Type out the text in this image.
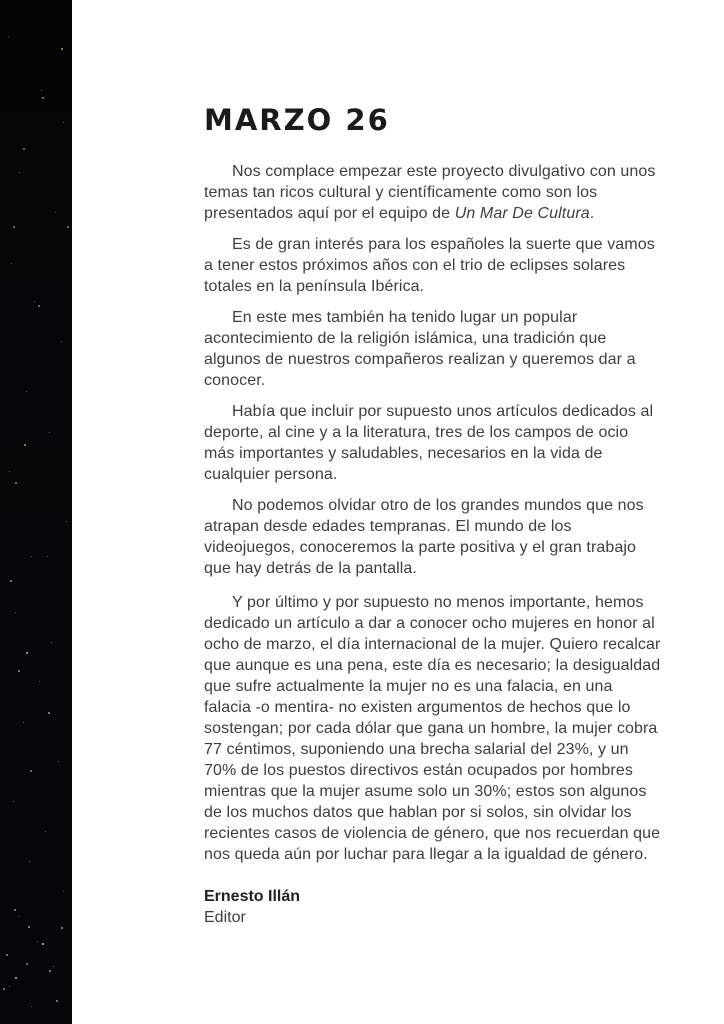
MARZO 26

Nos complace empezar este proyecto divulgativo con unos temas tan ricos cultural y científicamente como son los presentados aquí por el equipo de Un Mar De Cultura.

Es de gran interés para los españoles la suerte que vamos a tener estos próximos años con el trio de eclipses solares totales en la península Ibérica.

En este mes también ha tenido lugar un popular acontecimiento de la religión islámica, una tradición que algunos de nuestros compañeros realizan y queremos dar a conocer.

Había que incluir por supuesto unos artículos dedicados al deporte, al cine y a la literatura, tres de los campos de ocio más importantes y saludables, necesarios en la vida de cualquier persona.

No podemos olvidar otro de los grandes mundos que nos atrapan desde edades tempranas. El mundo de los videojuegos, conoceremos la parte positiva y el gran trabajo que hay detrás de la pantalla.

Y por último y por supuesto no menos importante, hemos dedicado un artículo a dar a conocer ocho mujeres en honor al ocho de marzo, el día internacional de la mujer. Quiero recalcar que aunque es una pena, este día es necesario; la desigualdad que sufre actualmente la mujer no es una falacia, en una falacia -o mentira- no existen argumentos de hechos que lo sostengan; por cada dólar que gana un hombre, la mujer cobra 77 céntimos, suponiendo una brecha salarial del 23%, y un 70% de los puestos directivos están ocupados por hombres mientras que la mujer asume solo un 30%; estos son algunos de los muchos datos que hablan por si solos, sin olvidar los recientes casos de violencia de género, que nos recuerdan que nos queda aún por luchar para llegar a la igualdad de género.

Ernesto Illán
Editor
